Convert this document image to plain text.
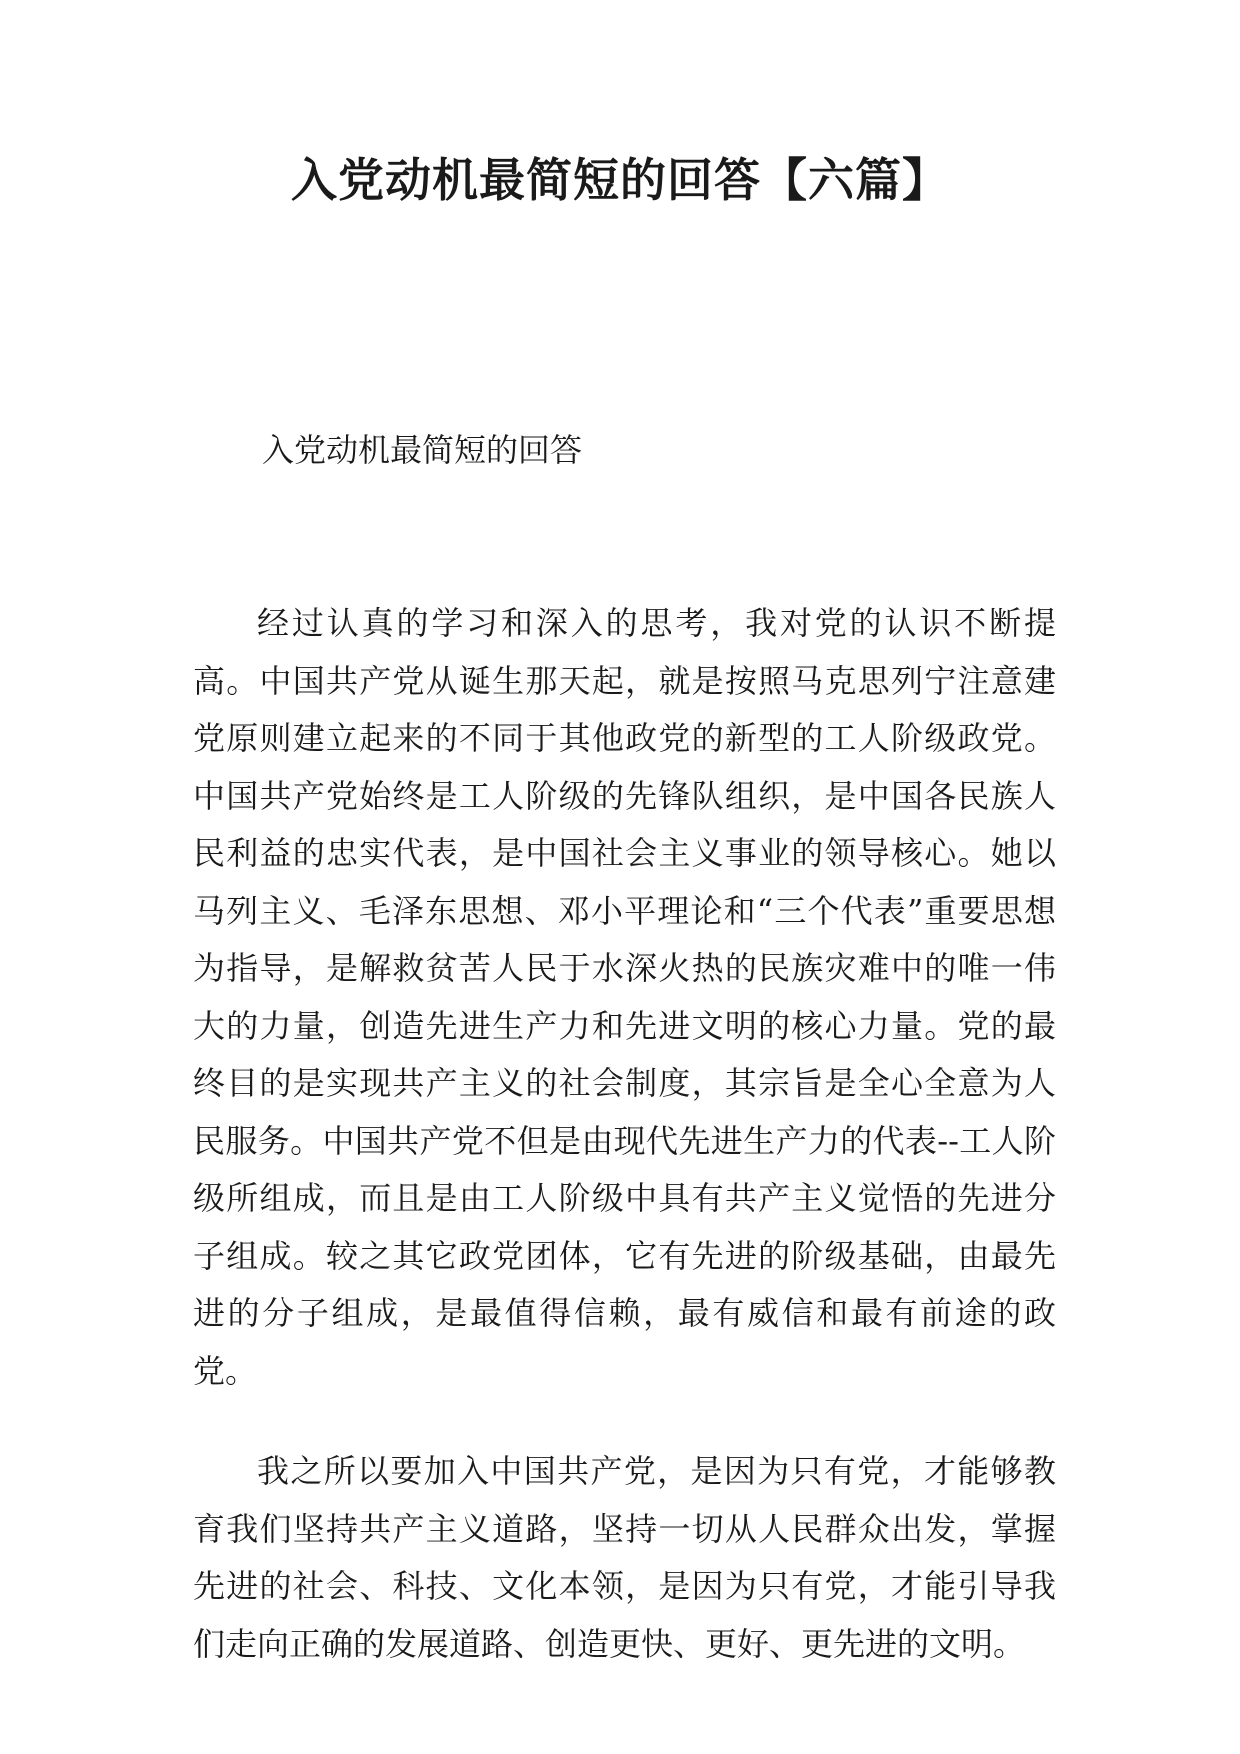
入党动机最简短的回答【六篇】

入党动机最简短的回答

经过认真的学习和深入的思考，我对党的认识不断提高。中国共产党从诞生那天起，就是按照马克思列宁注意建党原则建立起来的不同于其他政党的新型的工人阶级政党。中国共产党始终是工人阶级的先锋队组织，是中国各民族人民利益的忠实代表，是中国社会主义事业的领导核心。她以马列主义、毛泽东思想、邓小平理论和“三个代表”重要思想为指导，是解救贫苦人民于水深火热的民族灾难中的唯一伟大的力量，创造先进生产力和先进文明的核心力量。党的最终目的是实现共产主义的社会制度，其宗旨是全心全意为人民服务。中国共产党不但是由现代先进生产力的代表--工人阶级所组成，而且是由工人阶级中具有共产主义觉悟的先进分子组成。较之其它政党团体，它有先进的阶级基础，由最先进的分子组成，是最值得信赖，最有威信和最有前途的政党。

我之所以要加入中国共产党，是因为只有党，才能够教育我们坚持共产主义道路，坚持一切从人民群众出发，掌握先进的社会、科技、文化本领，是因为只有党，才能引导我们走向正确的发展道路、创造更快、更好、更先进的文明。
